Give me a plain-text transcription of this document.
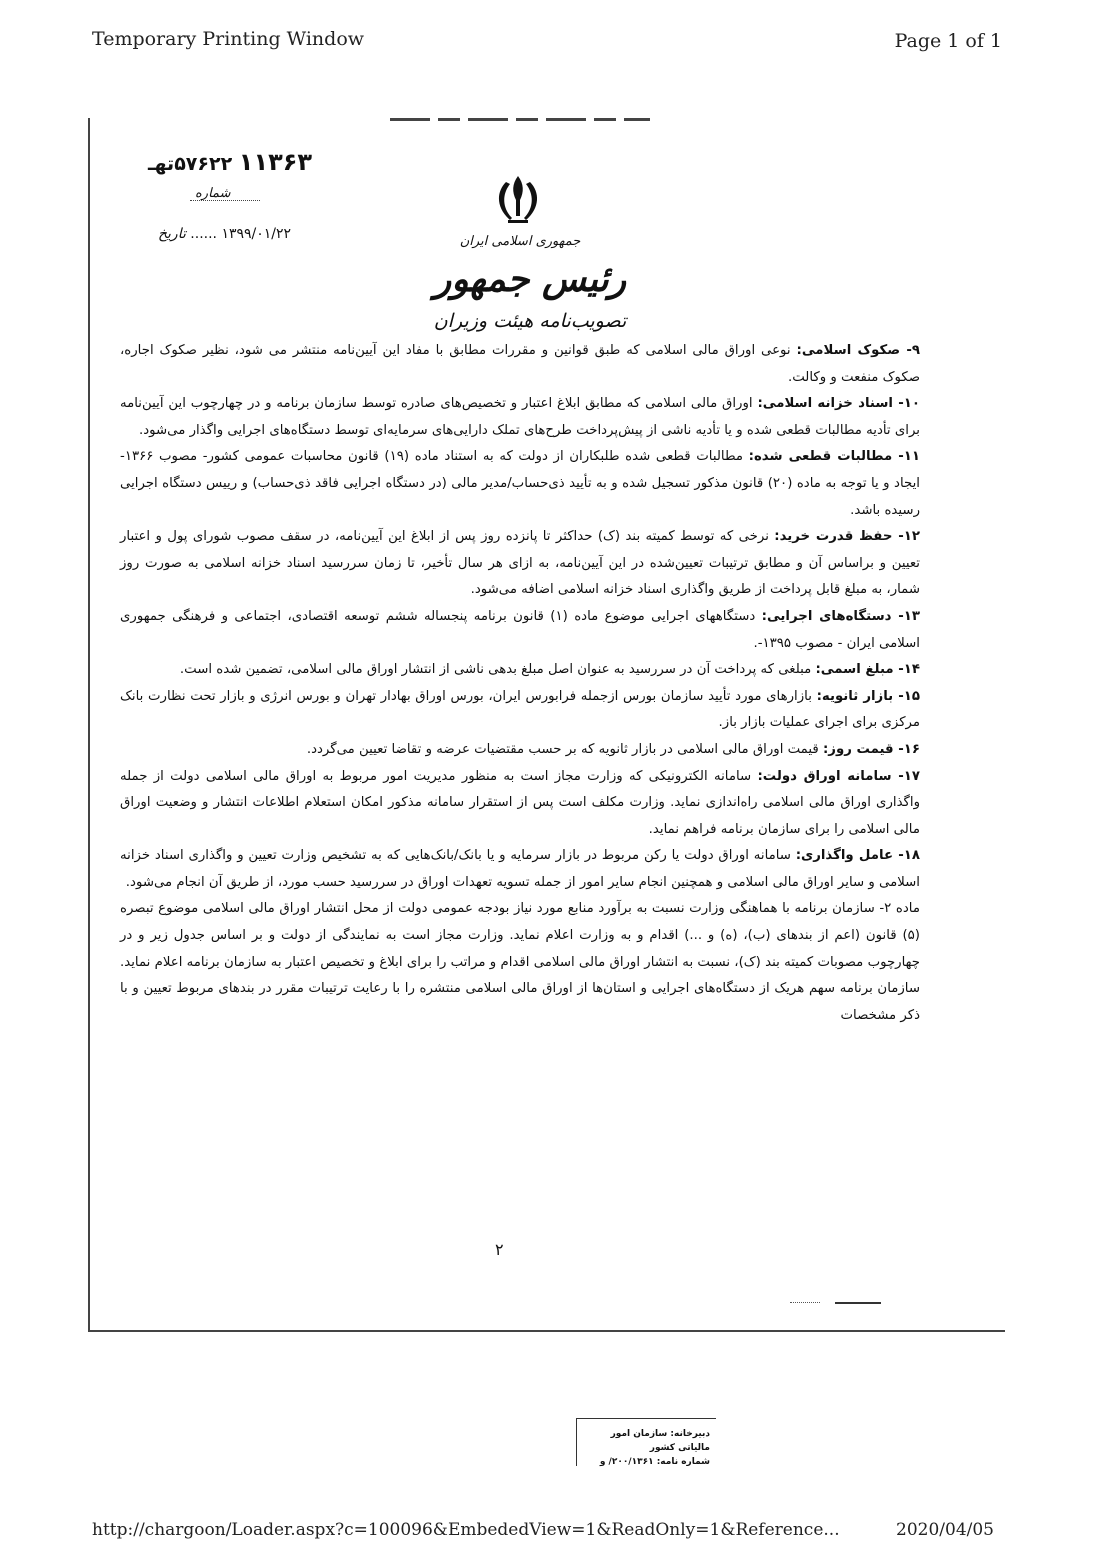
Temporary Printing Window	Page 1 of 1
۱۱۳۶۳ ۵۷۶۲۲تهـ
شماره
۱۳۹۹/۰۱/۲۲ ...... تاریخ	جمهوری اسلامی ایران
رئیس جمهور
تصویب‌نامه هیئت وزیران

۹- صکوک اسلامی: نوعی اوراق مالی اسلامی که طبق قوانین و مقررات مطابق با مفاد این آیین‌نامه منتشر می شود، نظیر صکوک اجاره، صکوک منفعت و وکالت.

۱۰- اسناد خزانه اسلامی: اوراق مالی اسلامی که مطابق ابلاغ اعتبار و تخصیص‌های صادره توسط سازمان برنامه و در چهارچوب این آیین‌نامه برای تأدیه مطالبات قطعی شده و یا تأدیه ناشی از پیش‌پرداخت طرح‌های تملک دارایی‌های سرمایه‌ای توسط دستگاه‌های اجرایی واگذار می‌شود.

۱۱- مطالبات قطعی شده: مطالبات قطعی شده طلبکاران از دولت که به استناد ماده (۱۹) قانون محاسبات عمومی کشور- مصوب ۱۳۶۶- ایجاد و یا توجه به ماده (۲۰) قانون مذکور تسجیل شده و به تأیید ذی‌حساب/مدیر مالی (در دستگاه اجرایی فاقد ذی‌حساب) و رییس دستگاه اجرایی رسیده باشد.

۱۲- حفظ قدرت خرید: نرخی که توسط کمیته بند (ک) حداکثر تا پانزده روز پس از ابلاغ این آیین‌نامه، در سقف مصوب شورای پول و اعتبار تعیین و براساس آن و مطابق ترتیبات تعیین‌شده در این آیین‌نامه، به ازای هر سال تأخیر، تا زمان سررسید اسناد خزانه اسلامی به صورت روز شمار، به مبلغ قابل پرداخت از طریق واگذاری اسناد خزانه اسلامی اضافه می‌شود.

۱۳- دستگاه‌های اجرایی: دستگاههای اجرایی موضوع ماده (۱) قانون برنامه پنجساله ششم توسعه اقتصادی، اجتماعی و فرهنگی جمهوری اسلامی ایران - مصوب ۱۳۹۵-.

۱۴- مبلغ اسمی: مبلغی که پرداخت آن در سررسید به عنوان اصل مبلغ بدهی ناشی از انتشار اوراق مالی اسلامی، تضمین شده است.

۱۵- بازار ثانویه: بازارهای مورد تأیید سازمان بورس ازجمله فرابورس ایران، بورس اوراق بهادار تهران و بورس انرژی و بازار تحت نظارت بانک مرکزی برای اجرای عملیات بازار باز.

۱۶- قیمت روز: قیمت اوراق مالی اسلامی در بازار ثانویه که بر حسب مقتضیات عرضه و تقاضا تعیین می‌گردد.

۱۷- سامانه اوراق دولت: سامانه الکترونیکی که وزارت مجاز است به منظور مدیریت امور مربوط به اوراق مالی اسلامی دولت از جمله واگذاری اوراق مالی اسلامی راه‌اندازی نماید. وزارت مکلف است پس از استقرار سامانه مذکور امکان استعلام اطلاعات انتشار و وضعیت اوراق مالی اسلامی را برای سازمان برنامه فراهم نماید.

۱۸- عامل واگذاری: سامانه اوراق دولت یا رکن مربوط در بازار سرمایه و یا بانک/بانک‌هایی که به تشخیص وزارت تعیین و واگذاری اسناد خزانه اسلامی و سایر اوراق مالی اسلامی و همچنین انجام سایر امور از جمله تسویه تعهدات اوراق در سررسید حسب مورد، از طریق آن انجام می‌شود.

ماده ۲- سازمان برنامه با هماهنگی وزارت نسبت به برآورد منابع مورد نیاز بودجه عمومی دولت از محل انتشار اوراق مالی اسلامی موضوع تبصره (۵) قانون (اعم از بندهای (ب)، (ه) و ...) اقدام و به وزارت اعلام نماید. وزارت مجاز است به نمایندگی از دولت و بر اساس جدول زیر و در چهارچوب مصوبات کمیته بند (ک)، نسبت به انتشار اوراق مالی اسلامی اقدام و مراتب را برای ابلاغ و تخصیص اعتبار به سازمان برنامه اعلام نماید. سازمان برنامه سهم هریک از دستگاه‌های اجرایی و استان‌ها از اوراق مالی اسلامی منتشره را با رعایت ترتیبات مقرر در بندهای مربوط تعیین و با ذکر مشخصات

۲
دبیرخانه: سازمان امور مالیاتی کشور
شماره نامه: ۲۰۰/۱۳۶۱/ و
http://chargoon/Loader.aspx?c=100096&EmbededView=1&ReadOnly=1&Reference...	2020/04/05
